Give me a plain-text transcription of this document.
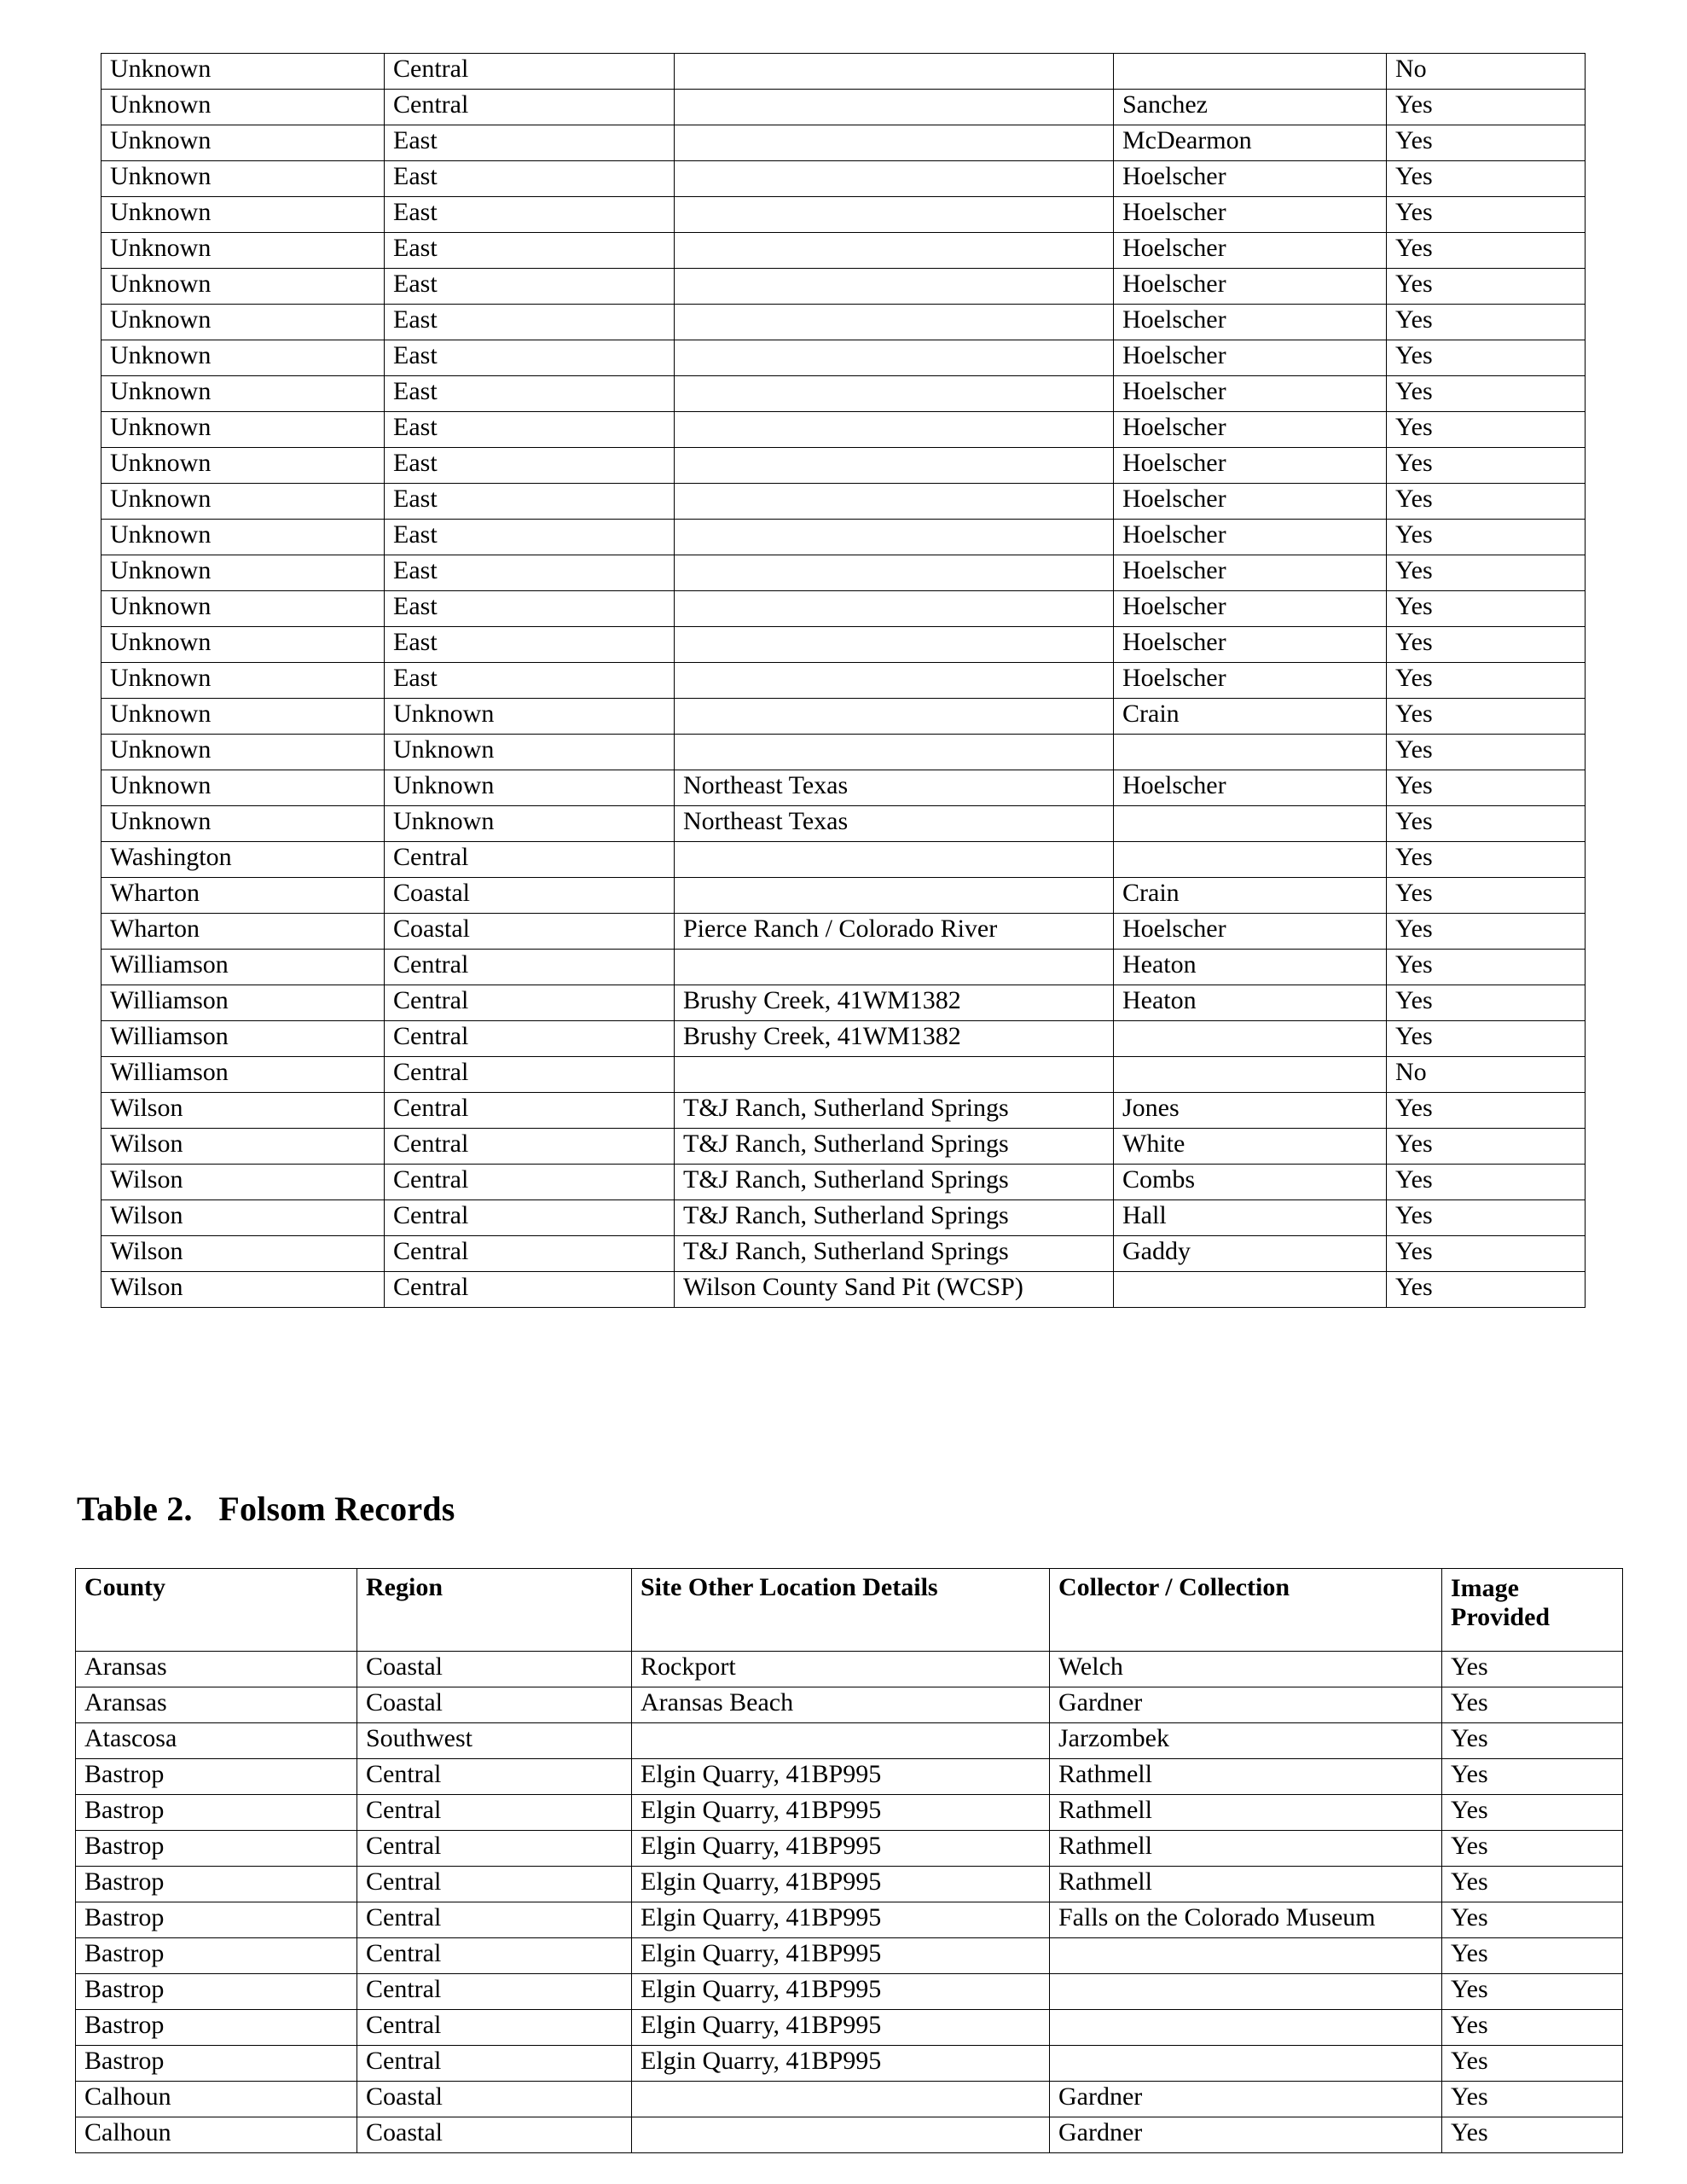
Unknown	Central			No
Unknown	Central		Sanchez	Yes
Unknown	East		McDearmon	Yes
Unknown	East		Hoelscher	Yes
Unknown	East		Hoelscher	Yes
Unknown	East		Hoelscher	Yes
Unknown	East		Hoelscher	Yes
Unknown	East		Hoelscher	Yes
Unknown	East		Hoelscher	Yes
Unknown	East		Hoelscher	Yes
Unknown	East		Hoelscher	Yes
Unknown	East		Hoelscher	Yes
Unknown	East		Hoelscher	Yes
Unknown	East		Hoelscher	Yes
Unknown	East		Hoelscher	Yes
Unknown	East		Hoelscher	Yes
Unknown	East		Hoelscher	Yes
Unknown	East		Hoelscher	Yes
Unknown	Unknown		Crain	Yes
Unknown	Unknown			Yes
Unknown	Unknown	Northeast Texas	Hoelscher	Yes
Unknown	Unknown	Northeast Texas		Yes
Washington	Central			Yes
Wharton	Coastal		Crain	Yes
Wharton	Coastal	Pierce Ranch / Colorado River	Hoelscher	Yes
Williamson	Central		Heaton	Yes
Williamson	Central	Brushy Creek, 41WM1382	Heaton	Yes
Williamson	Central	Brushy Creek, 41WM1382		Yes
Williamson	Central			No
Wilson	Central	T&J Ranch, Sutherland Springs	Jones	Yes
Wilson	Central	T&J Ranch, Sutherland Springs	White	Yes
Wilson	Central	T&J Ranch, Sutherland Springs	Combs	Yes
Wilson	Central	T&J Ranch, Sutherland Springs	Hall	Yes
Wilson	Central	T&J Ranch, Sutherland Springs	Gaddy	Yes
Wilson	Central	Wilson County Sand Pit (WCSP)		Yes
Table 2.   Folsom Records
County	Region	Site Other Location Details	Collector / Collection	Image
Provided
Aransas	Coastal	Rockport	Welch	Yes
Aransas	Coastal	Aransas Beach	Gardner	Yes
Atascosa	Southwest		Jarzombek	Yes
Bastrop	Central	Elgin Quarry, 41BP995	Rathmell	Yes
Bastrop	Central	Elgin Quarry, 41BP995	Rathmell	Yes
Bastrop	Central	Elgin Quarry, 41BP995	Rathmell	Yes
Bastrop	Central	Elgin Quarry, 41BP995	Rathmell	Yes
Bastrop	Central	Elgin Quarry, 41BP995	Falls on the Colorado Museum	Yes
Bastrop	Central	Elgin Quarry, 41BP995		Yes
Bastrop	Central	Elgin Quarry, 41BP995		Yes
Bastrop	Central	Elgin Quarry, 41BP995		Yes
Bastrop	Central	Elgin Quarry, 41BP995		Yes
Calhoun	Coastal		Gardner	Yes
Calhoun	Coastal		Gardner	Yes
